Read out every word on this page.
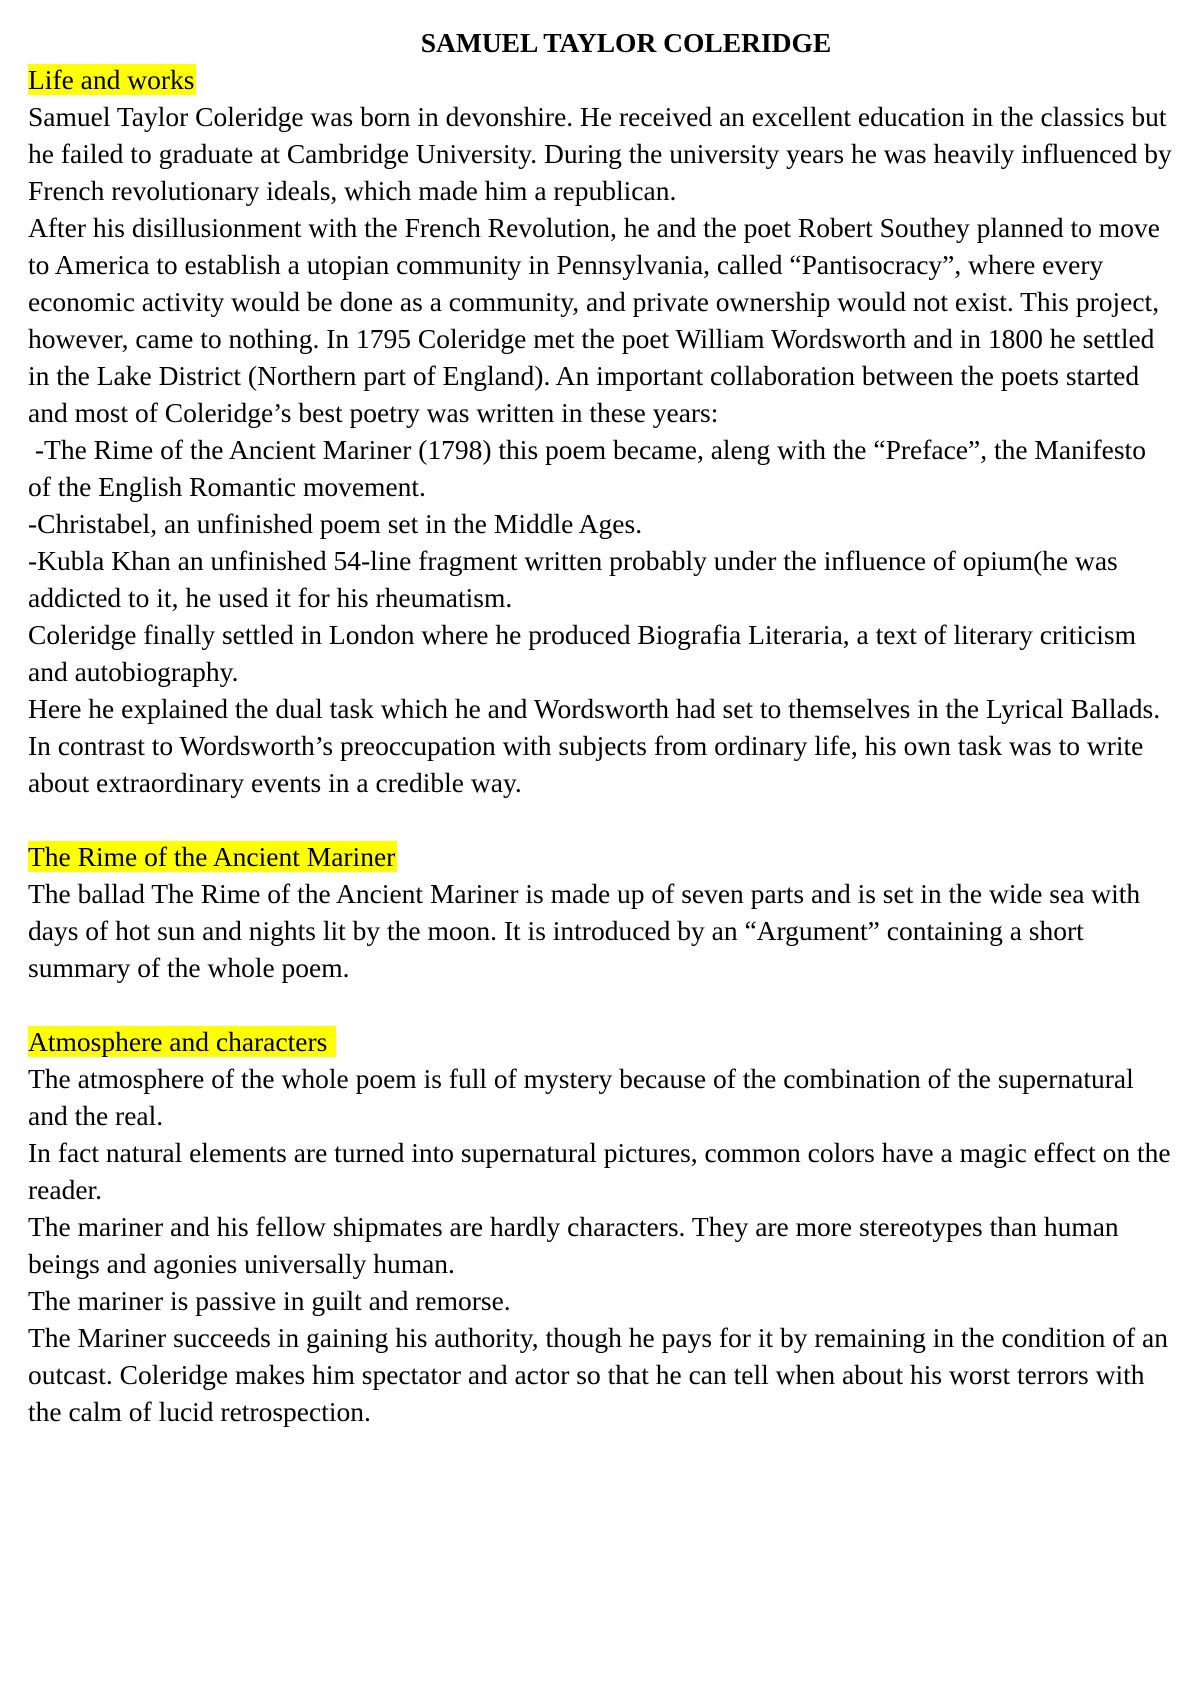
SAMUEL TAYLOR COLERIDGE
Life and works

Samuel Taylor Coleridge was born in devonshire. He received an excellent education in the classics but he failed to graduate at Cambridge University. During the university years he was heavily influenced by French revolutionary ideals, which made him a republican.

After his disillusionment with the French Revolution, he and the poet Robert Southey planned to move to America to establish a utopian community in Pennsylvania, called “Pantisocracy”, where every economic activity would be done as a community, and private ownership would not exist. This project, however, came to nothing. In 1795 Coleridge met the poet William Wordsworth and in 1800 he settled in the Lake District (Northern part of England). An important collaboration between the poets started and most of Coleridge’s best poetry was written in these years:

-The Rime of the Ancient Mariner (1798) this poem became, aleng with the “Preface”, the Manifesto of the English Romantic movement.

-Christabel, an unfinished poem set in the Middle Ages.

-Kubla Khan an unfinished 54-line fragment written probably under the influence of opium(he was addicted to it, he used it for his rheumatism.

Coleridge finally settled in London where he produced Biografia Literaria, a text of literary criticism and autobiography.

Here he explained the dual task which he and Wordsworth had set to themselves in the Lyrical Ballads. In contrast to Wordsworth’s preoccupation with subjects from ordinary life, his own task was to write about extraordinary events in a credible way.

The Rime of the Ancient Mariner

The ballad The Rime of the Ancient Mariner is made up of seven parts and is set in the wide sea with days of hot sun and nights lit by the moon. It is introduced by an “Argument” containing a short summary of the whole poem.

Atmosphere and characters

The atmosphere of the whole poem is full of mystery because of the combination of the supernatural and the real.

In fact natural elements are turned into supernatural pictures, common colors have a magic effect on the reader.

The mariner and his fellow shipmates are hardly characters. They are more stereotypes than human beings and agonies universally human.

The mariner is passive in guilt and remorse.

The Mariner succeeds in gaining his authority, though he pays for it by remaining in the condition of an outcast. Coleridge makes him spectator and actor so that he can tell when about his worst terrors with the calm of lucid retrospection.
